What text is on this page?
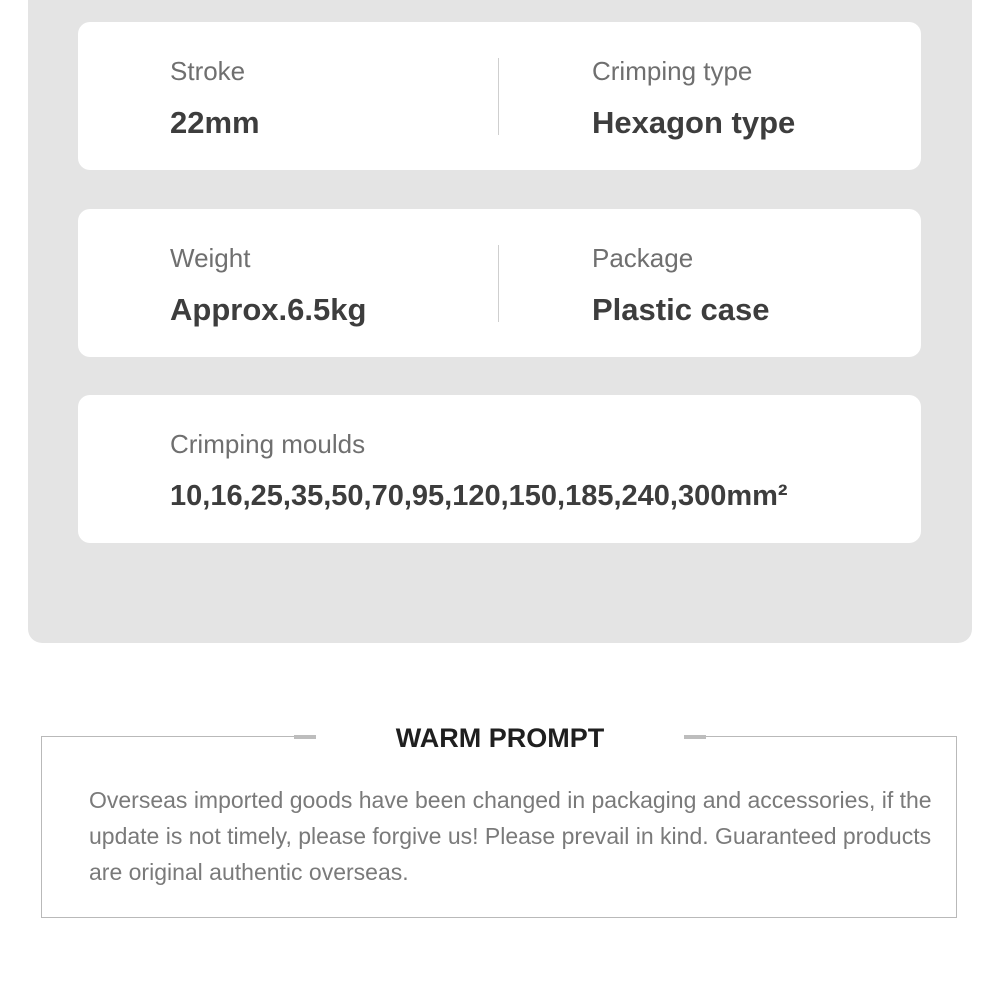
Stroke
22mm
Crimping type
Hexagon type
Weight
Approx.6.5kg
Package
Plastic case
Crimping moulds
10,16,25,35,50,70,95,120,150,185,240,300mm²
WARM PROMPT
Overseas imported goods have been changed in packaging and accessories, if the update is not timely, please forgive us! Please prevail in kind. Guaranteed products are original authentic overseas.
